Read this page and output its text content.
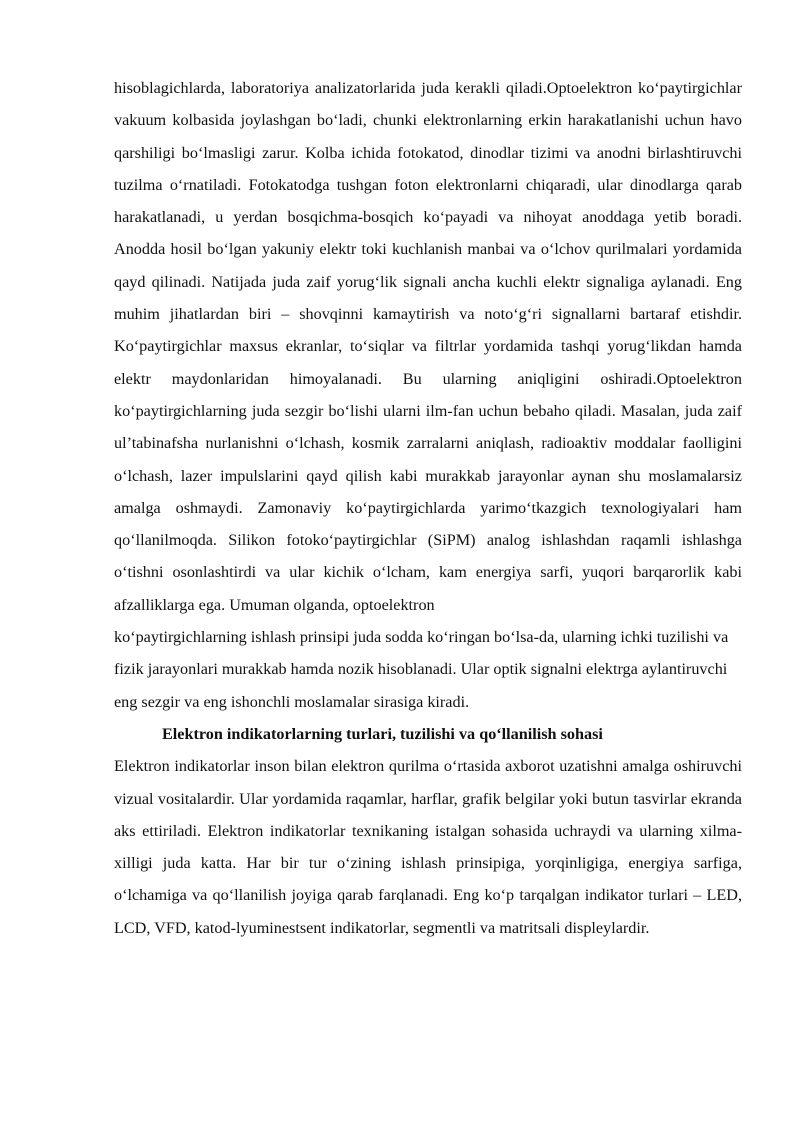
hisoblagichlarda, laboratoriya analizatorlarida juda kerakli qiladi.Optoelektron ko‘paytirgichlar vakuum kolbasida joylashgan bo‘ladi, chunki elektronlarning erkin harakatlanishi uchun havo qarshiligi bo‘lmasligi zarur. Kolba ichida fotokatod, dinodlar tizimi va anodni birlashtiruvchi tuzilma o‘rnatiladi. Fotokatodga tushgan foton elektronlarni chiqaradi, ular dinodlarga qarab harakatlanadi, u yerdan bosqichma-bosqich ko‘payadi va nihoyat anoddaga yetib boradi. Anodda hosil bo‘lgan yakuniy elektr toki kuchlanish manbai va o‘lchov qurilmalari yordamida qayd qilinadi. Natijada juda zaif yorug‘lik signali ancha kuchli elektr signaliga aylanadi. Eng muhim jihatlardan biri – shovqinni kamaytirish va noto‘g‘ri signallarni bartaraf etishdir. Ko‘paytirgichlar maxsus ekranlar, to‘siqlar va filtrlar yordamida tashqi yorug‘likdan hamda elektr maydonlaridan himoyalanadi. Bu ularning aniqligini oshiradi.Optoelektron ko‘paytirgichlarning juda sezgir bo‘lishi ularni ilm-fan uchun bebaho qiladi. Masalan, juda zaif ul’tabinafsha nurlanishni o‘lchash, kosmik zarralarni aniqlash, radioaktiv moddalar faolligini o‘lchash, lazer impulslarini qayd qilish kabi murakkab jarayonlar aynan shu moslamalarsiz amalga oshmaydi. Zamonaviy ko‘paytirgichlarda yarimo‘tkazgich texnologiyalari ham qo‘llanilmoqda. Silikon fotoko‘paytirgichlar (SiPM) analog ishlashdan raqamli ishlashga o‘tishni osonlashtirdi va ular kichik o‘lcham, kam energiya sarfi, yuqori barqarorlik kabi afzalliklarga ega. Umuman olganda, optoelektron

ko‘paytirgichlarning ishlash prinsipi juda sodda ko‘ringan bo‘lsa-da, ularning ichki tuzilishi va fizik jarayonlari murakkab hamda nozik hisoblanadi. Ular optik signalni elektrga aylantiruvchi eng sezgir va eng ishonchli moslamalar sirasiga kiradi.

Elektron indikatorlarning turlari, tuzilishi va qo‘llanilish sohasi

Elektron indikatorlar inson bilan elektron qurilma o‘rtasida axborot uzatishni amalga oshiruvchi vizual vositalardir. Ular yordamida raqamlar, harflar, grafik belgilar yoki butun tasvirlar ekranda aks ettiriladi. Elektron indikatorlar texnikaning istalgan sohasida uchraydi va ularning xilma-xilligi juda katta. Har bir tur o‘zining ishlash prinsipiga, yorqinligiga, energiya sarfiga, o‘lchamiga va qo‘llanilish joyiga qarab farqlanadi. Eng ko‘p tarqalgan indikator turlari – LED, LCD, VFD, katod-lyuminestsent indikatorlar, segmentli va matritsali displeylardir.
